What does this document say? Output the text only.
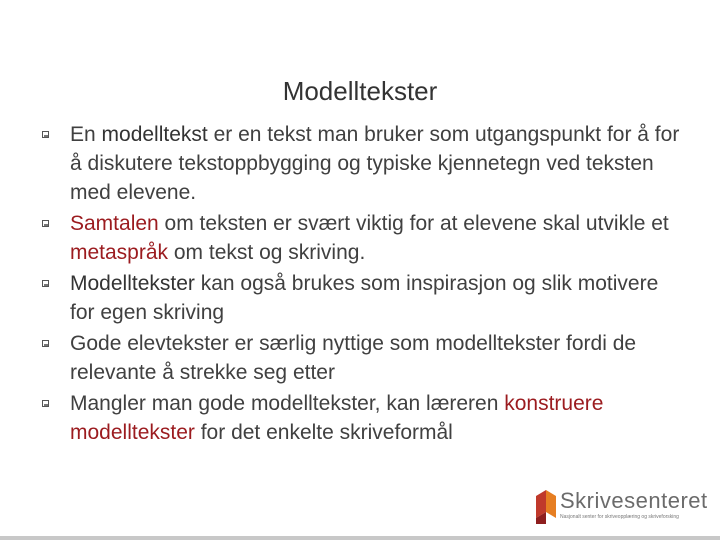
Modelltekster
En modelltekst er en tekst man bruker som utgangspunkt for å for å diskutere tekstoppbygging og typiske kjennetegn ved teksten med elevene.
Samtalen om teksten er svært viktig for at elevene skal utvikle et metaspråk om tekst og skriving.
Modelltekster kan også brukes som inspirasjon og slik motivere for egen skriving
Gode elevtekster er særlig nyttige som modelltekster fordi de relevante å strekke seg etter
Mangler man gode modelltekster, kan læreren konstruere modelltekster for det enkelte skriveformål
Skrivesenteret
Nasjonalt senter for skriveopplæring og skriveforsking
